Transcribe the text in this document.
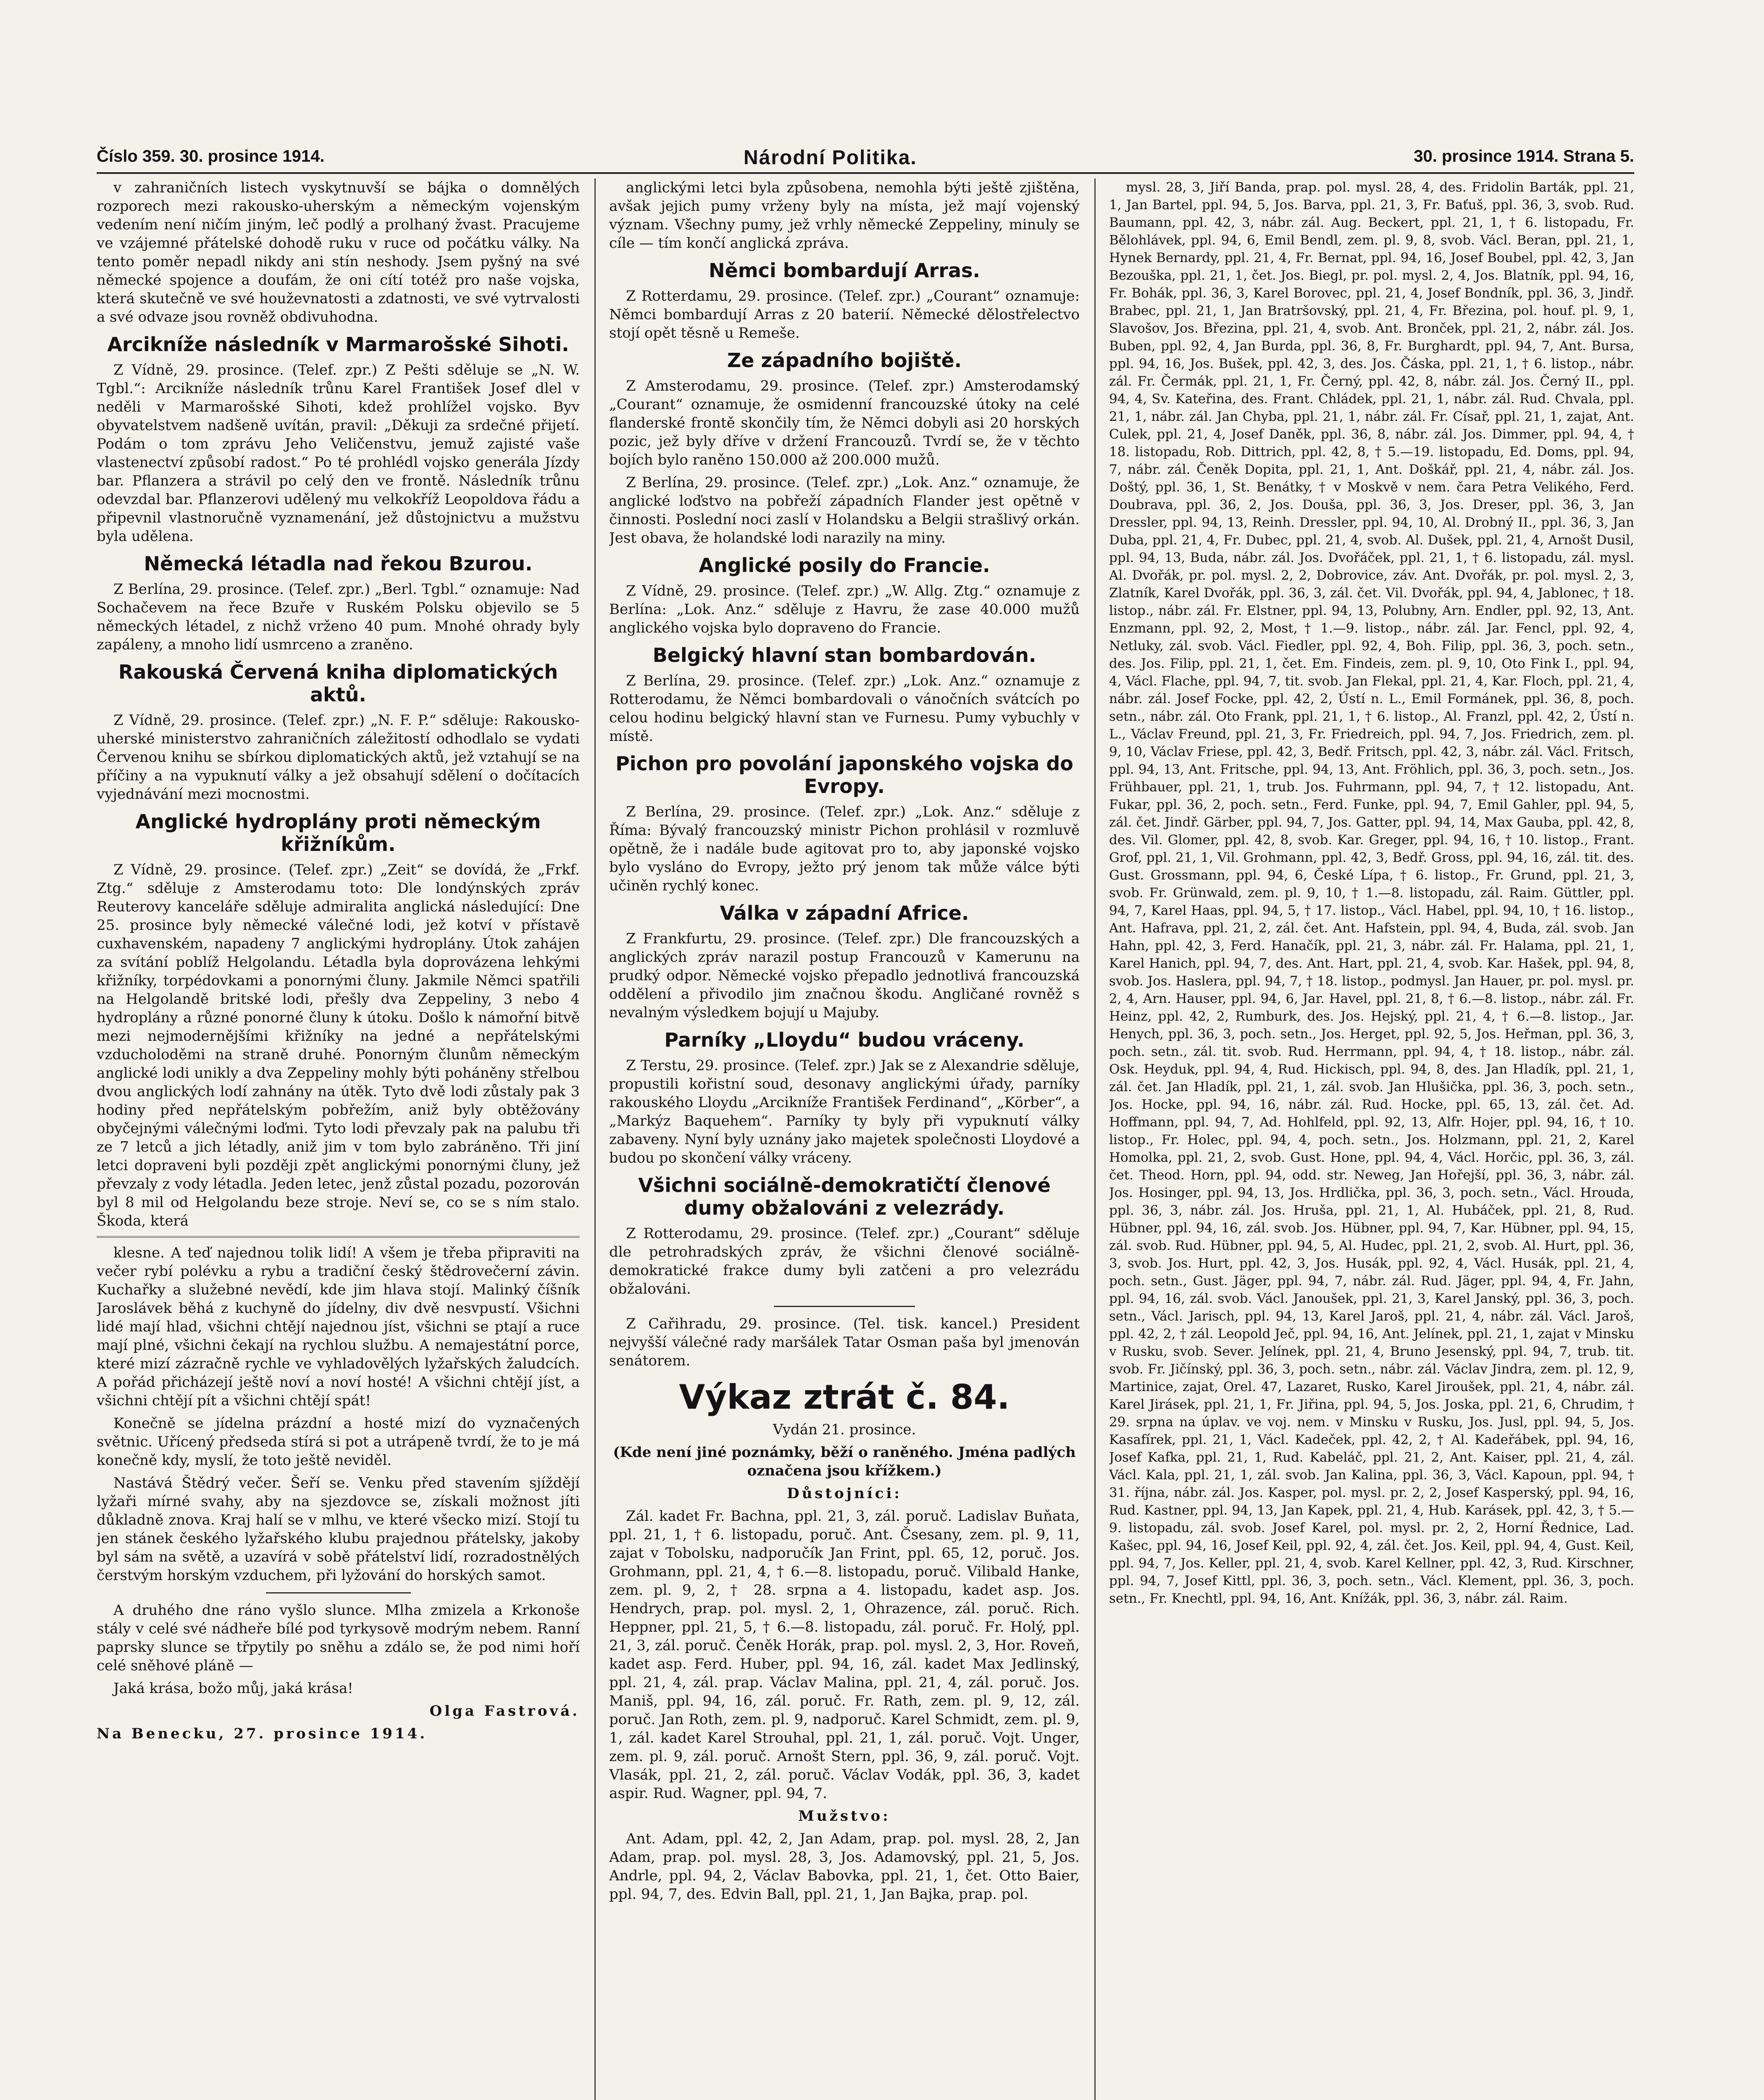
Číslo 359. 30. prosince 1914.	Národní Politika.	30. prosince 1914. Strana 5.

v zahraničních listech vyskytnuvší se bájka o domnělých rozporech mezi rakousko-uherským a německým vojenským vedením není ničím jiným, leč podlý a prolhaný žvast. Pracujeme ve vzájemné přátelské dohodě ruku v ruce od počátku války. Na tento poměr nepadl nikdy ani stín neshody. Jsem pyšný na své německé spojence a doufám, že oni cítí totéž pro naše vojska, která skutečně ve své houževnatosti a zdatnosti, ve své vytrvalosti a své odvaze jsou rovněž obdivuhodna.

Arcikníže následník v Marmarošské Sihoti.

Z Vídně, 29. prosince. (Telef. zpr.) Z Pešti sděluje se „N. W. Tgbl.“: Arcikníže následník trůnu Karel František Josef dlel v neděli v Marmarošské Sihoti, kdež prohlížel vojsko. Byv obyvatelstvem nadšeně uvítán, pravil: „Děkuji za srdečné přijetí. Podám o tom zprávu Jeho Veličenstvu, jemuž zajisté vaše vlastenectví způsobí radost.“ Po té prohlédl vojsko generála Jízdy bar. Pflanzera a strávil po celý den ve frontě. Následník trůnu odevzdal bar. Pflanzerovi udělený mu velkokříž Leopoldova řádu a připevnil vlastnoručně vyznamenání, jež důstojnictvu a mužstvu byla udělena.

Německá létadla nad řekou Bzurou.

Z Berlína, 29. prosince. (Telef. zpr.) „Berl. Tgbl.“ oznamuje: Nad Sochačevem na řece Bzuře v Ruském Polsku objevilo se 5 německých létadel, z nichž vrženo 40 pum. Mnohé ohrady byly zapáleny, a mnoho lidí usmrceno a zraněno.

Rakouská Červená kniha diplomatických aktů.

Z Vídně, 29. prosince. (Telef. zpr.) „N. F. P.“ sděluje: Rakousko-uherské ministerstvo zahraničních záležitostí odhodlalo se vydati Červenou knihu se sbírkou diplomatických aktů, jež vztahují se na příčiny a na vypuknutí války a jež obsahují sdělení o dočítacích vyjednávání mezi mocnostmi.

Anglické hydroplány proti německým křižníkům.

Z Vídně, 29. prosince. (Telef. zpr.) „Zeit“ se dovídá, že „Frkf. Ztg.“ sděluje z Amsterodamu toto: Dle londýnských zpráv Reuterovy kanceláře sděluje admiralita anglická následující: Dne 25. prosince byly německé válečné lodi, jež kotví v přístavě cuxhavenském, napadeny 7 anglickými hydroplány. Útok zahájen za svítání poblíž Helgolandu. Létadla byla doprovázena lehkými křižníky, torpédovkami a ponornými čluny. Jakmile Němci spatřili na Helgolandě britské lodi, přešly dva Zeppeliny, 3 nebo 4 hydroplány a různé ponorné čluny k útoku. Došlo k námořní bitvě mezi nejmodernějšími křižníky na jedné a nepřátelskými vzducholoděmi na straně druhé. Ponorným člunům německým anglické lodi unikly a dva Zeppeliny mohly býti poháněny střelbou dvou anglických lodí zahnány na útěk. Tyto dvě lodi zůstaly pak 3 hodiny před nepřátelským pobřežím, aniž byly obtěžovány obyčejnými válečnými loďmi. Tyto lodi převzaly pak na palubu tři ze 7 letců a jich létadly, aniž jim v tom bylo zabráněno. Tři jiní letci dopraveni byli později zpět anglickými ponornými čluny, jež převzaly z vody létadla. Jeden letec, jenž zůstal pozadu, pozorován byl 8 mil od Helgolandu beze stroje. Neví se, co se s ním stalo. Škoda, která

klesne. A teď najednou tolik lidí! A všem je třeba připraviti na večer rybí polévku a rybu a tradiční český štědrovečerní závin. Kuchařky a služebné nevědí, kde jim hlava stojí. Malinký číšník Jaroslávek běhá z kuchyně do jídelny, div dvě nesvpustí. Všichni lidé mají hlad, všichni chtějí najednou jíst, všichni se ptají a ruce mají plné, všichni čekají na rychlou službu. A nemajestátní porce, které mizí zázračně rychle ve vyhladovělých lyžařských žaludcích. A pořád přicházejí ještě noví a noví hosté! A všichni chtějí jíst, a všichni chtějí pít a všichni chtějí spát!

Konečně se jídelna prázdní a hosté mizí do vyznačených světnic. Uřícený předseda stírá si pot a utrápeně tvrdí, že to je má konečně kdy, myslí, že toto ještě neviděl.

Nastává Štědrý večer. Šeří se. Venku před stavením sjíždějí lyžaři mírné svahy, aby na sjezdovce se, získali možnost jíti důkladně znova. Kraj halí se v mlhu, ve které všecko mizí. Stojí tu jen stánek českého lyžařského klubu prajednou přátelsky, jakoby byl sám na světě, a uzavírá v sobě přátelství lidí, rozradostnělých čerstvým horským vzduchem, při lyžování do horských samot.

A druhého dne ráno vyšlo slunce. Mlha zmizela a Krkonoše stály v celé své nádheře bílé pod tyrkysově modrým nebem. Ranní paprsky slunce se třpytily po sněhu a zdálo se, že pod nimi hoří celé sněhové pláně —

Jaká krása, božo můj, jaká krása!

Olga Fastrová.

Na Benecku, 27. prosince 1914.

anglickými letci byla způsobena, nemohla býti ještě zjištěna, avšak jejich pumy vrženy byly na místa, jež mají vojenský význam. Všechny pumy, jež vrhly německé Zeppeliny, minuly se cíle — tím končí anglická zpráva.

Němci bombardují Arras.

Z Rotterdamu, 29. prosince. (Telef. zpr.) „Courant“ oznamuje: Němci bombardují Arras z 20 baterií. Německé dělostřelectvo stojí opět těsně u Remeše.

Ze západního bojiště.

Z Amsterodamu, 29. prosince. (Telef. zpr.) Amsterodamský „Courant“ oznamuje, že osmidenní francouzské útoky na celé flanderské frontě skončily tím, že Němci dobyli asi 20 horských pozic, jež byly dříve v držení Francouzů. Tvrdí se, že v těchto bojích bylo raněno 150.000 až 200.000 mužů.

Z Berlína, 29. prosince. (Telef. zpr.) „Lok. Anz.“ oznamuje, že anglické loďstvo na pobřeží západních Flander jest opětně v činnosti. Poslední noci zaslí v Holandsku a Belgii strašlivý orkán. Jest obava, že holandské lodi narazily na miny.

Anglické posily do Francie.

Z Vídně, 29. prosince. (Telef. zpr.) „W. Allg. Ztg.“ oznamuje z Berlína: „Lok. Anz.“ sděluje z Havru, že zase 40.000 mužů anglického vojska bylo dopraveno do Francie.

Belgický hlavní stan bombardován.

Z Berlína, 29. prosince. (Telef. zpr.) „Lok. Anz.“ oznamuje z Rotterodamu, že Němci bombardovali o vánočních svátcích po celou hodinu belgický hlavní stan ve Furnesu. Pumy vybuchly v místě.

Pichon pro povolání japonského vojska do Evropy.

Z Berlína, 29. prosince. (Telef. zpr.) „Lok. Anz.“ sděluje z Říma: Bývalý francouzský ministr Pichon prohlásil v rozmluvě opětně, že i nadále bude agitovat pro to, aby japonské vojsko bylo vysláno do Evropy, ježto prý jenom tak může válce býti učiněn rychlý konec.

Válka v západní Africe.

Z Frankfurtu, 29. prosince. (Telef. zpr.) Dle francouzských a anglických zpráv narazil postup Francouzů v Kamerunu na prudký odpor. Německé vojsko přepadlo jednotlivá francouzská oddělení a přivodilo jim značnou škodu. Angličané rovněž s nevalným výsledkem bojují u Majuby.

Parníky „Lloydu“ budou vráceny.

Z Terstu, 29. prosince. (Telef. zpr.) Jak se z Alexandrie sděluje, propustili kořistní soud, desonavy anglickými úřady, parníky rakouského Lloydu „Arcikníže František Ferdinand“, „Körber“, a „Markýz Baquehem“. Parníky ty byly při vypuknutí války zabaveny. Nyní byly uznány jako majetek společnosti Lloydové a budou po skončení války vráceny.

Všichni sociálně-demokratičtí členové dumy obžalováni z velezrády.

Z Rotterodamu, 29. prosince. (Telef. zpr.) „Courant“ sděluje dle petrohradských zpráv, že všichni členové sociálně-demokratické frakce dumy byli zatčeni a pro velezrádu obžalováni.

Z Cařihradu, 29. prosince. (Tel. tisk. kancel.) President nejvyšší válečné rady maršálek Tatar Osman paša byl jmenován senátorem.

Výkaz ztrát č. 84.

Vydán 21. prosince.

(Kde není jiné poznámky, běží o raněného. Jména padlých označena jsou křížkem.)

Důstojníci:

Zál. kadet Fr. Bachna, ppl. 21, 3, zál. poruč. Ladislav Buňata, ppl. 21, 1, † 6. listopadu, poruč. Ant. Čsesany, zem. pl. 9, 11, zajat v Tobolsku, nadporučík Jan Frint, ppl. 65, 12, poruč. Jos. Grohmann, ppl. 21, 4, † 6.—8. listopadu, poruč. Vilibald Hanke, zem. pl. 9, 2, † 28. srpna a 4. listopadu, kadet asp. Jos. Hendrych, prap. pol. mysl. 2, 1, Ohrazence, zál. poruč. Rich. Heppner, ppl. 21, 5, † 6.—8. listopadu, zál. poruč. Fr. Holý, ppl. 21, 3, zál. poruč. Čeněk Horák, prap. pol. mysl. 2, 3, Hor. Roveň, kadet asp. Ferd. Huber, ppl. 94, 16, zál. kadet Max Jedlinský, ppl. 21, 4, zál. prap. Václav Malina, ppl. 21, 4, zál. poruč. Jos. Maniš, ppl. 94, 16, zál. poruč. Fr. Rath, zem. pl. 9, 12, zál. poruč. Jan Roth, zem. pl. 9, nadporuč. Karel Schmidt, zem. pl. 9, 1, zál. kadet Karel Strouhal, ppl. 21, 1, zál. poruč. Vojt. Unger, zem. pl. 9, zál. poruč. Arnošt Stern, ppl. 36, 9, zál. poruč. Vojt. Vlasák, ppl. 21, 2, zál. poruč. Václav Vodák, ppl. 36, 3, kadet aspir. Rud. Wagner, ppl. 94, 7.

Mužstvo:

Ant. Adam, ppl. 42, 2, Jan Adam, prap. pol. mysl. 28, 2, Jan Adam, prap. pol. mysl. 28, 3, Jos. Adamovský, ppl. 21, 5, Jos. Andrle, ppl. 94, 2, Václav Babovka, ppl. 21, 1, čet. Otto Baier, ppl. 94, 7, des. Edvin Ball, ppl. 21, 1, Jan Bajka, prap. pol.

mysl. 28, 3, Jiří Banda, prap. pol. mysl. 28, 4, des. Fridolin Barták, ppl. 21, 1, Jan Bartel, ppl. 94, 5, Jos. Barva, ppl. 21, 3, Fr. Baťuš, ppl. 36, 3, svob. Rud. Baumann, ppl. 42, 3, nábr. zál. Aug. Beckert, ppl. 21, 1, † 6. listopadu, Fr. Bělohlávek, ppl. 94, 6, Emil Bendl, zem. pl. 9, 8, svob. Václ. Beran, ppl. 21, 1, Hynek Bernardy, ppl. 21, 4, Fr. Bernat, ppl. 94, 16, Josef Boubel, ppl. 42, 3, Jan Bezouška, ppl. 21, 1, čet. Jos. Biegl, pr. pol. mysl. 2, 4, Jos. Blatník, ppl. 94, 16, Fr. Bohák, ppl. 36, 3, Karel Borovec, ppl. 21, 4, Josef Bondník, ppl. 36, 3, Jindř. Brabec, ppl. 21, 1, Jan Bratršovský, ppl. 21, 4, Fr. Březina, pol. houf. pl. 9, 1, Slavošov, Jos. Březina, ppl. 21, 4, svob. Ant. Bronček, ppl. 21, 2, nábr. zál. Jos. Buben, ppl. 92, 4, Jan Burda, ppl. 36, 8, Fr. Burghardt, ppl. 94, 7, Ant. Bursa, ppl. 94, 16, Jos. Bušek, ppl. 42, 3, des. Jos. Čáska, ppl. 21, 1, † 6. listop., nábr. zál. Fr. Čermák, ppl. 21, 1, Fr. Černý, ppl. 42, 8, nábr. zál. Jos. Černý II., ppl. 94, 4, Sv. Kateřina, des. Frant. Chládek, ppl. 21, 1, nábr. zál. Rud. Chvala, ppl. 21, 1, nábr. zál. Jan Chyba, ppl. 21, 1, nábr. zál. Fr. Císař, ppl. 21, 1, zajat, Ant. Culek, ppl. 21, 4, Josef Daněk, ppl. 36, 8, nábr. zál. Jos. Dimmer, ppl. 94, 4, † 18. listopadu, Rob. Dittrich, ppl. 42, 8, † 5.—19. listopadu, Ed. Doms, ppl. 94, 7, nábr. zál. Čeněk Dopita, ppl. 21, 1, Ant. Doškář, ppl. 21, 4, nábr. zál. Jos. Doštý, ppl. 36, 1, St. Benátky, † v Moskvě v nem. čara Petra Velikého, Ferd. Doubrava, ppl. 36, 2, Jos. Douša, ppl. 36, 3, Jos. Dreser, ppl. 36, 3, Jan Dressler, ppl. 94, 13, Reinh. Dressler, ppl. 94, 10, Al. Drobný II., ppl. 36, 3, Jan Duba, ppl. 21, 4, Fr. Dubec, ppl. 21, 4, svob. Al. Dušek, ppl. 21, 4, Arnošt Dusil, ppl. 94, 13, Buda, nábr. zál. Jos. Dvořáček, ppl. 21, 1, † 6. listopadu, zál. mysl. Al. Dvořák, pr. pol. mysl. 2, 2, Dobrovice, záv. Ant. Dvořák, pr. pol. mysl. 2, 3, Zlatník, Karel Dvořák, ppl. 36, 3, zál. čet. Vil. Dvořák, ppl. 94, 4, Jablonec, † 18. listop., nábr. zál. Fr. Elstner, ppl. 94, 13, Polubny, Arn. Endler, ppl. 92, 13, Ant. Enzmann, ppl. 92, 2, Most, † 1.—9. listop., nábr. zál. Jar. Fencl, ppl. 92, 4, Netluky, zál. svob. Václ. Fiedler, ppl. 92, 4, Boh. Filip, ppl. 36, 3, poch. setn., des. Jos. Filip, ppl. 21, 1, čet. Em. Findeis, zem. pl. 9, 10, Oto Fink I., ppl. 94, 4, Václ. Flache, ppl. 94, 7, tit. svob. Jan Flekal, ppl. 21, 4, Kar. Floch, ppl. 21, 4, nábr. zál. Josef Focke, ppl. 42, 2, Ústí n. L., Emil Formánek, ppl. 36, 8, poch. setn., nábr. zál. Oto Frank, ppl. 21, 1, † 6. listop., Al. Franzl, ppl. 42, 2, Ústí n. L., Václav Freund, ppl. 21, 3, Fr. Friedreich, ppl. 94, 7, Jos. Friedrich, zem. pl. 9, 10, Václav Friese, ppl. 42, 3, Bedř. Fritsch, ppl. 42, 3, nábr. zál. Václ. Fritsch, ppl. 94, 13, Ant. Fritsche, ppl. 94, 13, Ant. Fröhlich, ppl. 36, 3, poch. setn., Jos. Frühbauer, ppl. 21, 1, trub. Jos. Fuhrmann, ppl. 94, 7, † 12. listopadu, Ant. Fukar, ppl. 36, 2, poch. setn., Ferd. Funke, ppl. 94, 7, Emil Gahler, ppl. 94, 5, zál. čet. Jindř. Gärber, ppl. 94, 7, Jos. Gatter, ppl. 94, 14, Max Gauba, ppl. 42, 8, des. Vil. Glomer, ppl. 42, 8, svob. Kar. Greger, ppl. 94, 16, † 10. listop., Frant. Grof, ppl. 21, 1, Vil. Grohmann, ppl. 42, 3, Bedř. Gross, ppl. 94, 16, zál. tit. des. Gust. Grossmann, ppl. 94, 6, České Lípa, † 6. listop., Fr. Grund, ppl. 21, 3, svob. Fr. Grünwald, zem. pl. 9, 10, † 1.—8. listopadu, zál. Raim. Güttler, ppl. 94, 7, Karel Haas, ppl. 94, 5, † 17. listop., Václ. Habel, ppl. 94, 10, † 16. listop., Ant. Hafrava, ppl. 21, 2, zál. čet. Ant. Hafstein, ppl. 94, 4, Buda, zál. svob. Jan Hahn, ppl. 42, 3, Ferd. Hanačík, ppl. 21, 3, nábr. zál. Fr. Halama, ppl. 21, 1, Karel Hanich, ppl. 94, 7, des. Ant. Hart, ppl. 21, 4, svob. Kar. Hašek, ppl. 94, 8, svob. Jos. Haslera, ppl. 94, 7, † 18. listop., podmysl. Jan Hauer, pr. pol. mysl. pr. 2, 4, Arn. Hauser, ppl. 94, 6, Jar. Havel, ppl. 21, 8, † 6.—8. listop., nábr. zál. Fr. Heinz, ppl. 42, 2, Rumburk, des. Jos. Hejský, ppl. 21, 4, † 6.—8. listop., Jar. Henych, ppl. 36, 3, poch. setn., Jos. Herget, ppl. 92, 5, Jos. Heřman, ppl. 36, 3, poch. setn., zál. tit. svob. Rud. Herrmann, ppl. 94, 4, † 18. listop., nábr. zál. Osk. Heyduk, ppl. 94, 4, Rud. Hickisch, ppl. 94, 8, des. Jan Hladík, ppl. 21, 1, zál. čet. Jan Hladík, ppl. 21, 1, zál. svob. Jan Hlušička, ppl. 36, 3, poch. setn., Jos. Hocke, ppl. 94, 16, nábr. zál. Rud. Hocke, ppl. 65, 13, zál. čet. Ad. Hoffmann, ppl. 94, 7, Ad. Hohlfeld, ppl. 92, 13, Alfr. Hojer, ppl. 94, 16, † 10. listop., Fr. Holec, ppl. 94, 4, poch. setn., Jos. Holzmann, ppl. 21, 2, Karel Homolka, ppl. 21, 2, svob. Gust. Hone, ppl. 94, 4, Václ. Horčic, ppl. 36, 3, zál. čet. Theod. Horn, ppl. 94, odd. str. Neweg, Jan Hořejší, ppl. 36, 3, nábr. zál. Jos. Hosinger, ppl. 94, 13, Jos. Hrdlička, ppl. 36, 3, poch. setn., Václ. Hrouda, ppl. 36, 3, nábr. zál. Jos. Hruša, ppl. 21, 1, Al. Hubáček, ppl. 21, 8, Rud. Hübner, ppl. 94, 16, zál. svob. Jos. Hübner, ppl. 94, 7, Kar. Hübner, ppl. 94, 15, zál. svob. Rud. Hübner, ppl. 94, 5, Al. Hudec, ppl. 21, 2, svob. Al. Hurt, ppl. 36, 3, svob. Jos. Hurt, ppl. 42, 3, Jos. Husák, ppl. 92, 4, Václ. Husák, ppl. 21, 4, poch. setn., Gust. Jäger, ppl. 94, 7, nábr. zál. Rud. Jäger, ppl. 94, 4, Fr. Jahn, ppl. 94, 16, zál. svob. Václ. Janoušek, ppl. 21, 3, Karel Janský, ppl. 36, 3, poch. setn., Václ. Jarisch, ppl. 94, 13, Karel Jaroš, ppl. 21, 4, nábr. zál. Václ. Jaroš, ppl. 42, 2, † zál. Leopold Ječ, ppl. 94, 16, Ant. Jelínek, ppl. 21, 1, zajat v Minsku v Rusku, svob. Sever. Jelínek, ppl. 21, 4, Bruno Jesenský, ppl. 94, 7, trub. tit. svob. Fr. Jičínský, ppl. 36, 3, poch. setn., nábr. zál. Václav Jindra, zem. pl. 12, 9, Martinice, zajat, Orel. 47, Lazaret, Rusko, Karel Jiroušek, ppl. 21, 4, nábr. zál. Karel Jirásek, ppl. 21, 1, Fr. Jiřina, ppl. 94, 5, Jos. Joska, ppl. 21, 6, Chrudim, † 29. srpna na úplav. ve voj. nem. v Minsku v Rusku, Jos. Jusl, ppl. 94, 5, Jos. Kasafírek, ppl. 21, 1, Václ. Kadeček, ppl. 42, 2, † Al. Kadeřábek, ppl. 94, 16, Josef Kafka, ppl. 21, 1, Rud. Kabeláč, ppl. 21, 2, Ant. Kaiser, ppl. 21, 4, zál. Václ. Kala, ppl. 21, 1, zál. svob. Jan Kalina, ppl. 36, 3, Václ. Kapoun, ppl. 94, † 31. října, nábr. zál. Jos. Kasper, pol. mysl. pr. 2, 2, Josef Kasperský, ppl. 94, 16, Rud. Kastner, ppl. 94, 13, Jan Kapek, ppl. 21, 4, Hub. Karásek, ppl. 42, 3, † 5.—9. listopadu, zál. svob. Josef Karel, pol. mysl. pr. 2, 2, Horní Řednice, Lad. Kašec, ppl. 94, 16, Josef Keil, ppl. 92, 4, zál. čet. Jos. Keil, ppl. 94, 4, Gust. Keil, ppl. 94, 7, Jos. Keller, ppl. 21, 4, svob. Karel Kellner, ppl. 42, 3, Rud. Kirschner, ppl. 94, 7, Josef Kittl, ppl. 36, 3, poch. setn., Václ. Klement, ppl. 36, 3, poch. setn., Fr. Knechtl, ppl. 94, 16, Ant. Knížák, ppl. 36, 3, nábr. zál. Raim.
